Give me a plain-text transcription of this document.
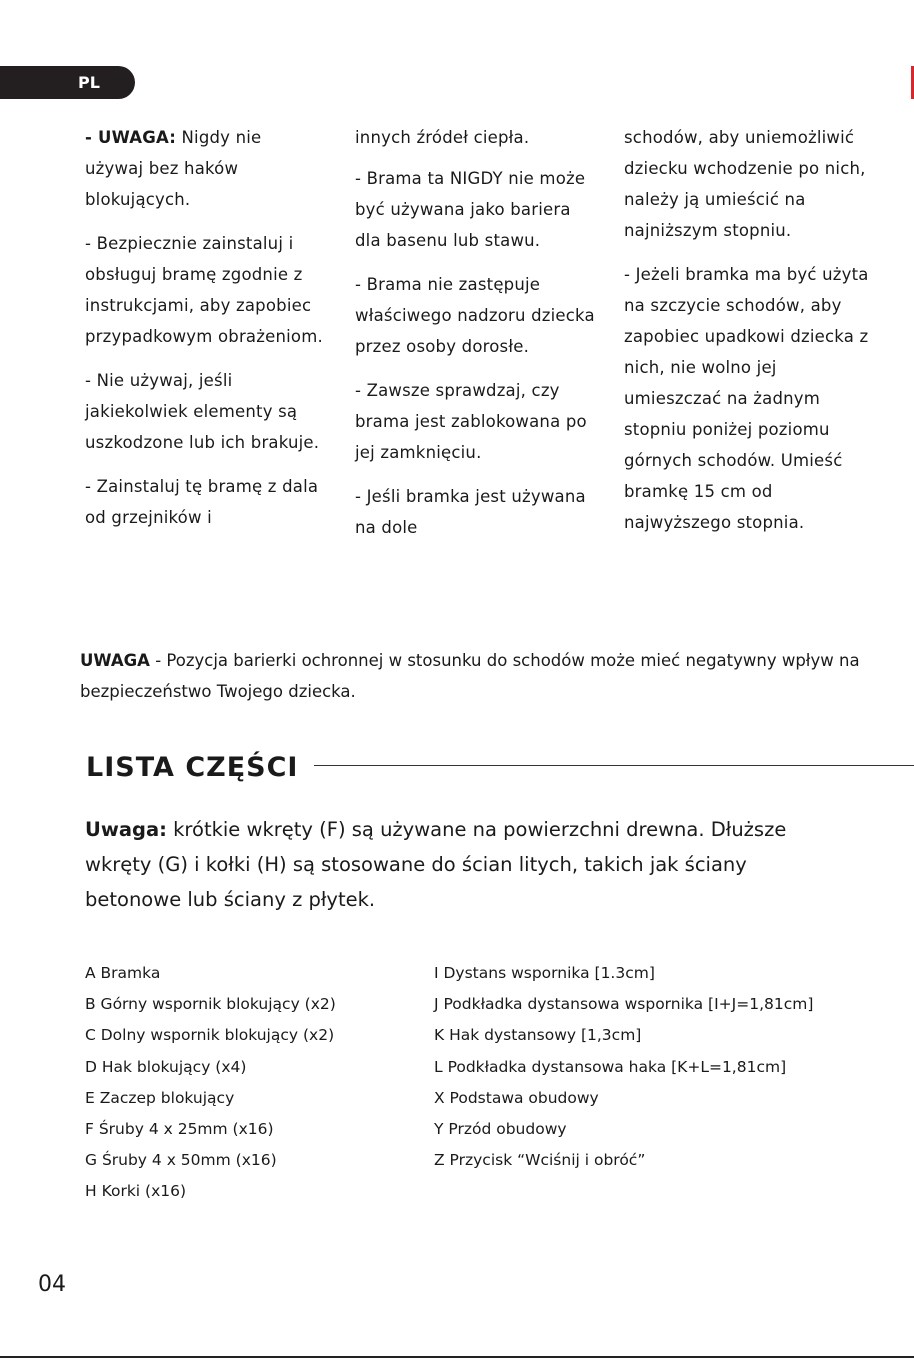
PL

- UWAGA: Nigdy nie używaj bez haków blokujących.

- Bezpiecznie zainstaluj i obsługuj bramę zgodnie z instrukcjami, aby zapobiec przypadkowym obrażeniom.

- Nie używaj, jeśli jakiekolwiek elementy są uszkodzone lub ich brakuje.

- Zainstaluj tę bramę z dala od grzejników i

innych źródeł ciepła.

- Brama ta NIGDY nie może być używana jako bariera dla basenu lub stawu.

- Brama nie zastępuje właściwego nadzoru dziecka przez osoby dorosłe.

- Zawsze sprawdzaj, czy brama jest zablokowana po jej zamknięciu.

- Jeśli bramka jest używana na dole

schodów, aby uniemożliwić dziecku wchodzenie po nich, należy ją umieścić na najniższym stopniu.

- Jeżeli bramka ma być użyta na szczycie schodów, aby zapobiec upadkowi dziecka z nich, nie wolno jej umieszczać na żadnym stopniu poniżej poziomu górnych schodów. Umieść bramkę 15 cm od najwyższego stopnia.

UWAGA - Pozycja barierki ochronnej w stosunku do schodów może mieć negatywny wpływ na bezpieczeństwo Twojego dziecka.
LISTA CZĘŚCI
Uwaga: krótkie wkręty (F) są używane na powierzchni drewna. Dłuższe wkręty (G) i kołki (H) są stosowane do ścian litych, takich jak ściany betonowe lub ściany z płytek.
A Bramka
B Górny wspornik blokujący (x2)
C Dolny wspornik blokujący (x2)
D Hak blokujący (x4)
E Zaczep blokujący
F Śruby 4 x 25mm (x16)
G Śruby 4 x 50mm (x16)
H Korki (x16)
I Dystans wspornika [1.3cm]
J Podkładka dystansowa wspornika [I+J=1,81cm]
K Hak dystansowy [1,3cm]
L Podkładka dystansowa haka [K+L=1,81cm]
X Podstawa obudowy
Y Przód obudowy
Z Przycisk “Wciśnij i obróć”
04
